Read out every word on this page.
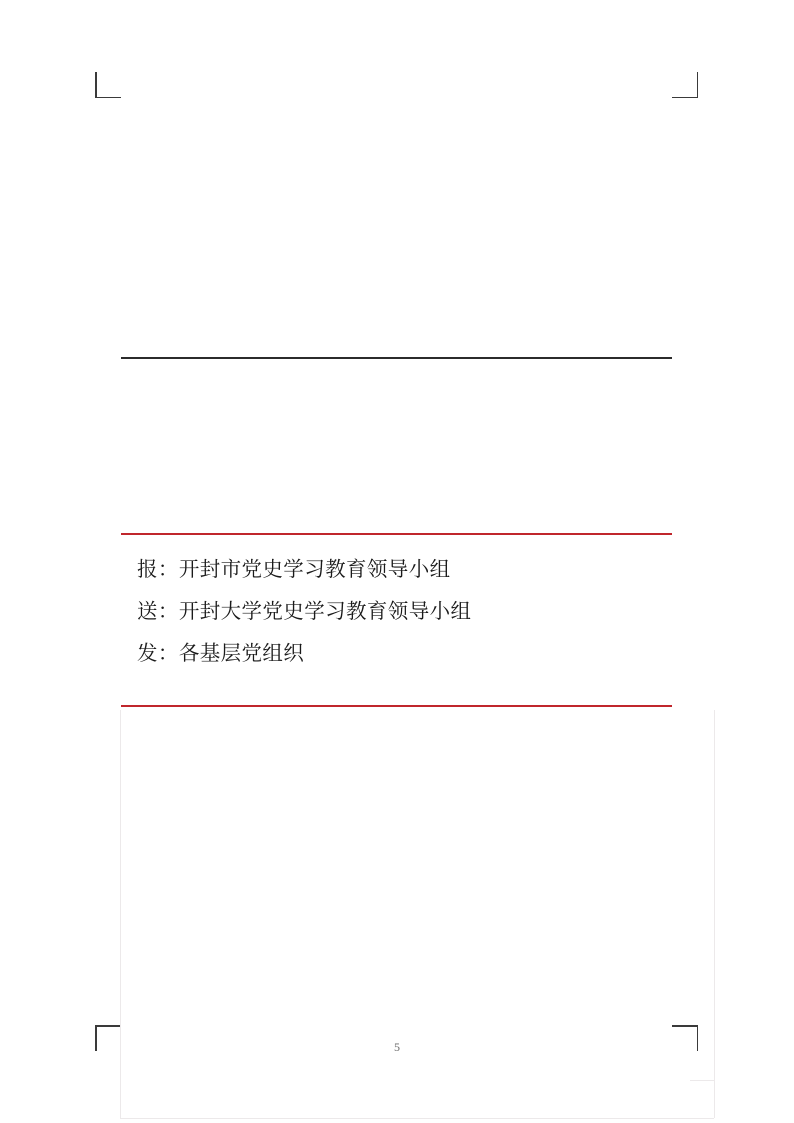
报： 开封市党史学习教育领导小组
送： 开封大学党史学习教育领导小组
发： 各基层党组织
5
